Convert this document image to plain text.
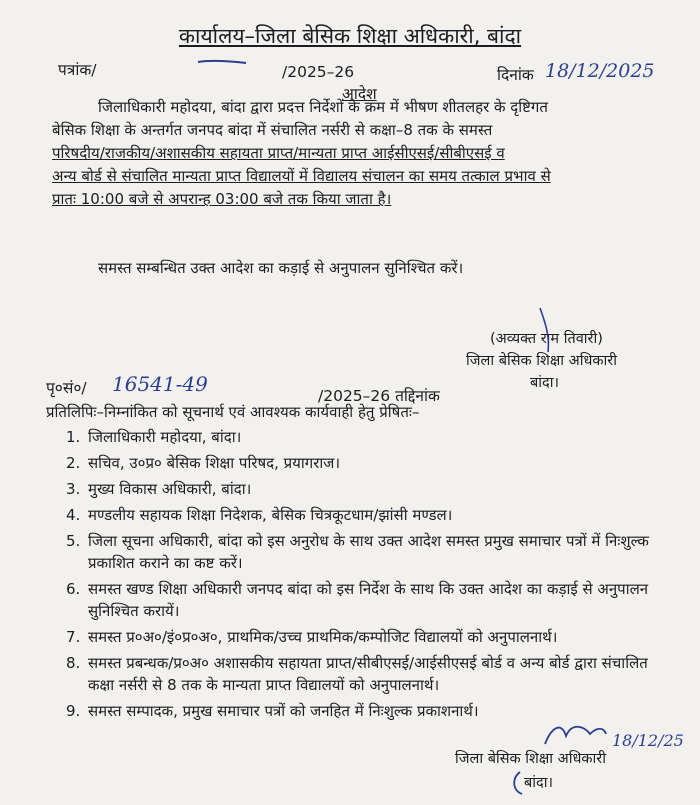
कार्यालय–जिला बेसिक शिक्षा अधिकारी, बांदा
पत्रांक/	/2025–26	दिनांक 18/12/2025
आदेश
जिलाधिकारी महोदया, बांदा द्वारा प्रदत्त निर्देशों के क्रम में भीषण शीतलहर के दृष्टिगत
बेसिक शिक्षा के अन्तर्गत जनपद बांदा में संचालित नर्सरी से कक्षा–8 तक के समस्त
परिषदीय/राजकीय/अशासकीय सहायता प्राप्त/मान्यता प्राप्त आईसीएसई/सीबीएसई व
अन्य बोर्ड से संचालित मान्यता प्राप्त विद्यालयों में विद्यालय संचालन का समय तत्काल प्रभाव से
प्रातः 10:00 बजे से अपरान्ह 03:00 बजे तक किया जाता है।
समस्त सम्बन्धित उक्त आदेश का कड़ाई से अनुपालन सुनिश्चित करें।
(अव्यक्त राम तिवारी)
जिला बेसिक शिक्षा अधिकारी
बांदा।
पृ०सं०/ 16541-49	/2025–26 तद्दिनांक
प्रतिलिपिः–निम्नांकित को सूचनार्थ एवं आवश्यक कार्यवाही हेतु प्रेषितः–
1. जिलाधिकारी महोदया, बांदा।
2. सचिव, उ०प्र० बेसिक शिक्षा परिषद, प्रयागराज।
3. मुख्य विकास अधिकारी, बांदा।
4. मण्डलीय सहायक शिक्षा निदेशक, बेसिक चित्रकूटधाम/झांसी मण्डल।
5. जिला सूचना अधिकारी, बांदा को इस अनुरोध के साथ उक्त आदेश समस्त प्रमुख समाचार पत्रों में निःशुल्क प्रकाशित कराने का कष्ट करें।
6. समस्त खण्ड शिक्षा अधिकारी जनपद बांदा को इस निर्देश के साथ कि उक्त आदेश का कड़ाई से अनुपालन सुनिश्चित करायें।
7. समस्त प्र०अ०/इं०प्र०अ०, प्राथमिक/उच्च प्राथमिक/कम्पोजिट विद्यालयों को अनुपालनार्थ।
8. समस्त प्रबन्धक/प्र०अ० अशासकीय सहायता प्राप्त/सीबीएसई/आईसीएसई बोर्ड व अन्य बोर्ड द्वारा संचालित कक्षा नर्सरी से 8 तक के मान्यता प्राप्त विद्यालयों को अनुपालनार्थ।
9. समस्त सम्पादक, प्रमुख समाचार पत्रों को जनहित में निःशुल्क प्रकाशनार्थ।
जिला बेसिक शिक्षा अधिकारी
बांदा।
18/12/25
